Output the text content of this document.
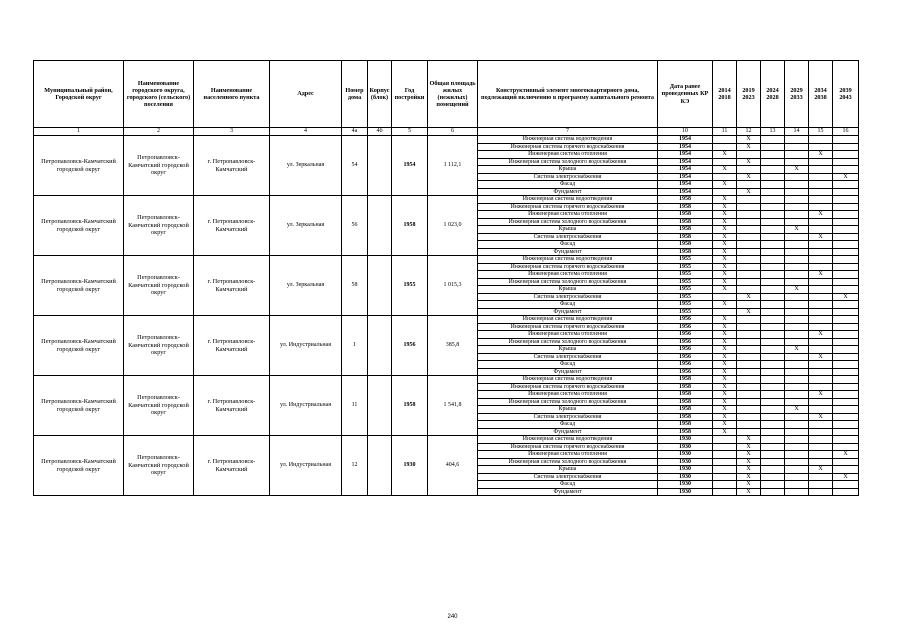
Муниципальный район, Городской округ	Наименование городского округа, городского (сельского) поселения	Наименование населенного пункта	Адрес	Номер дома	Корпус (блок)	Год постройки	Общая площадь жилых (нежилых) помещений	Конструктивный элемент многоквартирного дома, подлежащий включению в программу капитального ремонта	Дата ранее проведенных КР КЭ	2014 2018	2019 2023	2024 2028	2029 2033	2034 2038	2039 2043
1	2	3	4	4а	4б	5	6	7	10	11	12	13	14	15	16
Петропавловск-Камчатский городской округ	Петропавловск-Камчатский городской округ	г. Петропавловск-Камчатский	ул. Зеркальная	54		1954	1 112,1	Инженерная система водоотведения	1954		X				
								Инженерная система горячего водоснабжения	1954		X				
								Инженерная система отопления	1954	X				X	
								Инженерная система холодного водоснабжения	1954		X				
								Крыша	1954	X			X		
								Система электроснабжения	1954		X				X
								Фасад	1954	X					
								Фундамент	1954		X				
Петропавловск-Камчатский городской округ	Петропавловск-Камчатский городской округ	г. Петропавловск-Камчатский	ул. Зеркальная	56		1958	1 023,0	Инженерная система водоотведения	1958	X					
								Инженерная система горячего водоснабжения	1958	X					
								Инженерная система отопления	1958	X				X	
								Инженерная система холодного водоснабжения	1958	X					
								Крыша	1958	X			X		
								Система электроснабжения	1958	X				X	
								Фасад	1958	X					
								Фундамент	1958	X					
Петропавловск-Камчатский городской округ	Петропавловск-Камчатский городской округ	г. Петропавловск-Камчатский	ул. Зеркальная	58		1955	1 015,3	Инженерная система водоотведения	1955	X					
								Инженерная система горячего водоснабжения	1955	X					
								Инженерная система отопления	1955	X				X	
								Инженерная система холодного водоснабжения	1955	X					
								Крыша	1955	X			X		
								Система электроснабжения	1955		X				X
								Фасад	1955	X					
								Фундамент	1955		X				
Петропавловск-Камчатский городской округ	Петропавловск-Камчатский городской округ	г. Петропавловск-Камчатский	ул. Индустриальная	1		1956	385,8	Инженерная система водоотведения	1956	X					
								Инженерная система горячего водоснабжения	1956	X					
								Инженерная система отопления	1956	X				X	
								Инженерная система холодного водоснабжения	1956	X					
								Крыша	1956	X			X		
								Система электроснабжения	1956	X				X	
								Фасад	1956	X					
								Фундамент	1956	X					
Петропавловск-Камчатский городской округ	Петропавловск-Камчатский городской округ	г. Петропавловск-Камчатский	ул. Индустриальная	11		1958	1 541,8	Инженерная система водоотведения	1958	X					
								Инженерная система горячего водоснабжения	1958	X					
								Инженерная система отопления	1958	X				X	
								Инженерная система холодного водоснабжения	1958	X					
								Крыша	1958	X			X		
								Система электроснабжения	1958	X				X	
								Фасад	1958	X					
								Фундамент	1958	X					
Петропавловск-Камчатский городской округ	Петропавловск-Камчатский городской округ	г. Петропавловск-Камчатский	ул. Индустриальная	12		1930	404,6	Инженерная система водоотведения	1930		X				
								Инженерная система горячего водоснабжения	1930		X				
								Инженерная система отопления	1930		X				X
								Инженерная система холодного водоснабжения	1930		X				
								Крыша	1930		X			X	
								Система электроснабжения	1930		X				X
								Фасад	1930		X				
								Фундамент	1930		X				
240
